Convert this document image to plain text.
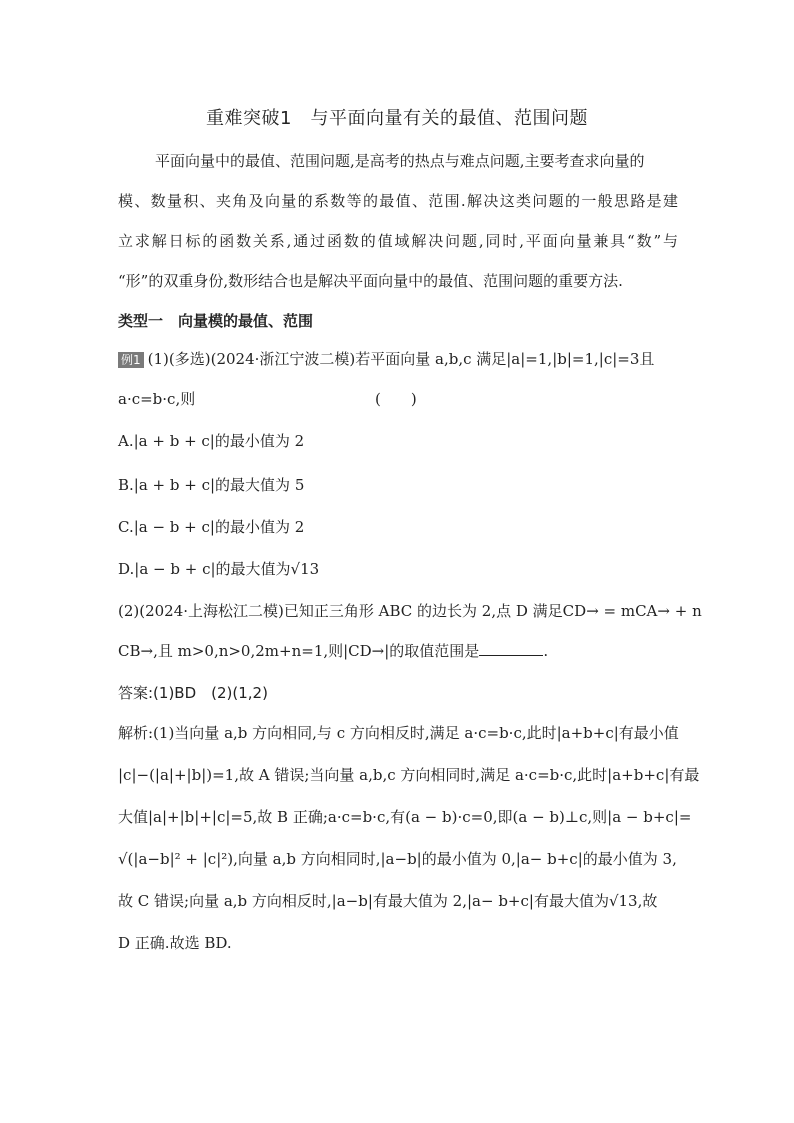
重难突破1　与平面向量有关的最值、范围问题
平面向量中的最值、范围问题,是高考的热点与难点问题,主要考查求向量的
模、数量积、夹角及向量的系数等的最值、范围.解决这类问题的一般思路是建
立求解日标的函数关系,通过函数的值域解决问题,同时,平面向量兼具“数”与
“形”的双重身份,数形结合也是解决平面向量中的最值、范围问题的重要方法.
类型一　向量模的最值、范围
例1 (1)(多选)(2024·浙江宁波二模)若平面向量 a,b,c 满足|a|=1,|b|=1,|c|=3且
a·c=b·c,则	(　　)
A.|a + b + c|的最小值为 2
B.|a + b + c|的最大值为 5
C.|a − b + c|的最小值为 2
D.|a − b + c|的最大值为√13
(2)(2024·上海松江二模)已知正三角形 ABC 的边长为 2,点 D 满足CD→ = mCA→ + n
CB→,且 m>0,n>0,2m+n=1,则|CD→|的取值范围是	.
答案:(1)BD　(2)(1,2)
解析:(1)当向量 a,b 方向相同,与 c 方向相反时,满足 a·c=b·c,此时|a+b+c|有最小值
|c|−(|a|+|b|)=1,故 A 错误;当向量 a,b,c 方向相同时,满足 a·c=b·c,此时|a+b+c|有最
大值|a|+|b|+|c|=5,故 B 正确;a·c=b·c,有(a − b)·c=0,即(a − b)⊥c,则|a − b+c|=
√(|a−b|² + |c|²),向量 a,b 方向相同时,|a−b|的最小值为 0,|a− b+c|的最小值为 3,
故 C 错误;向量 a,b 方向相反时,|a−b|有最大值为 2,|a− b+c|有最大值为√13,故
D 正确.故选 BD.
